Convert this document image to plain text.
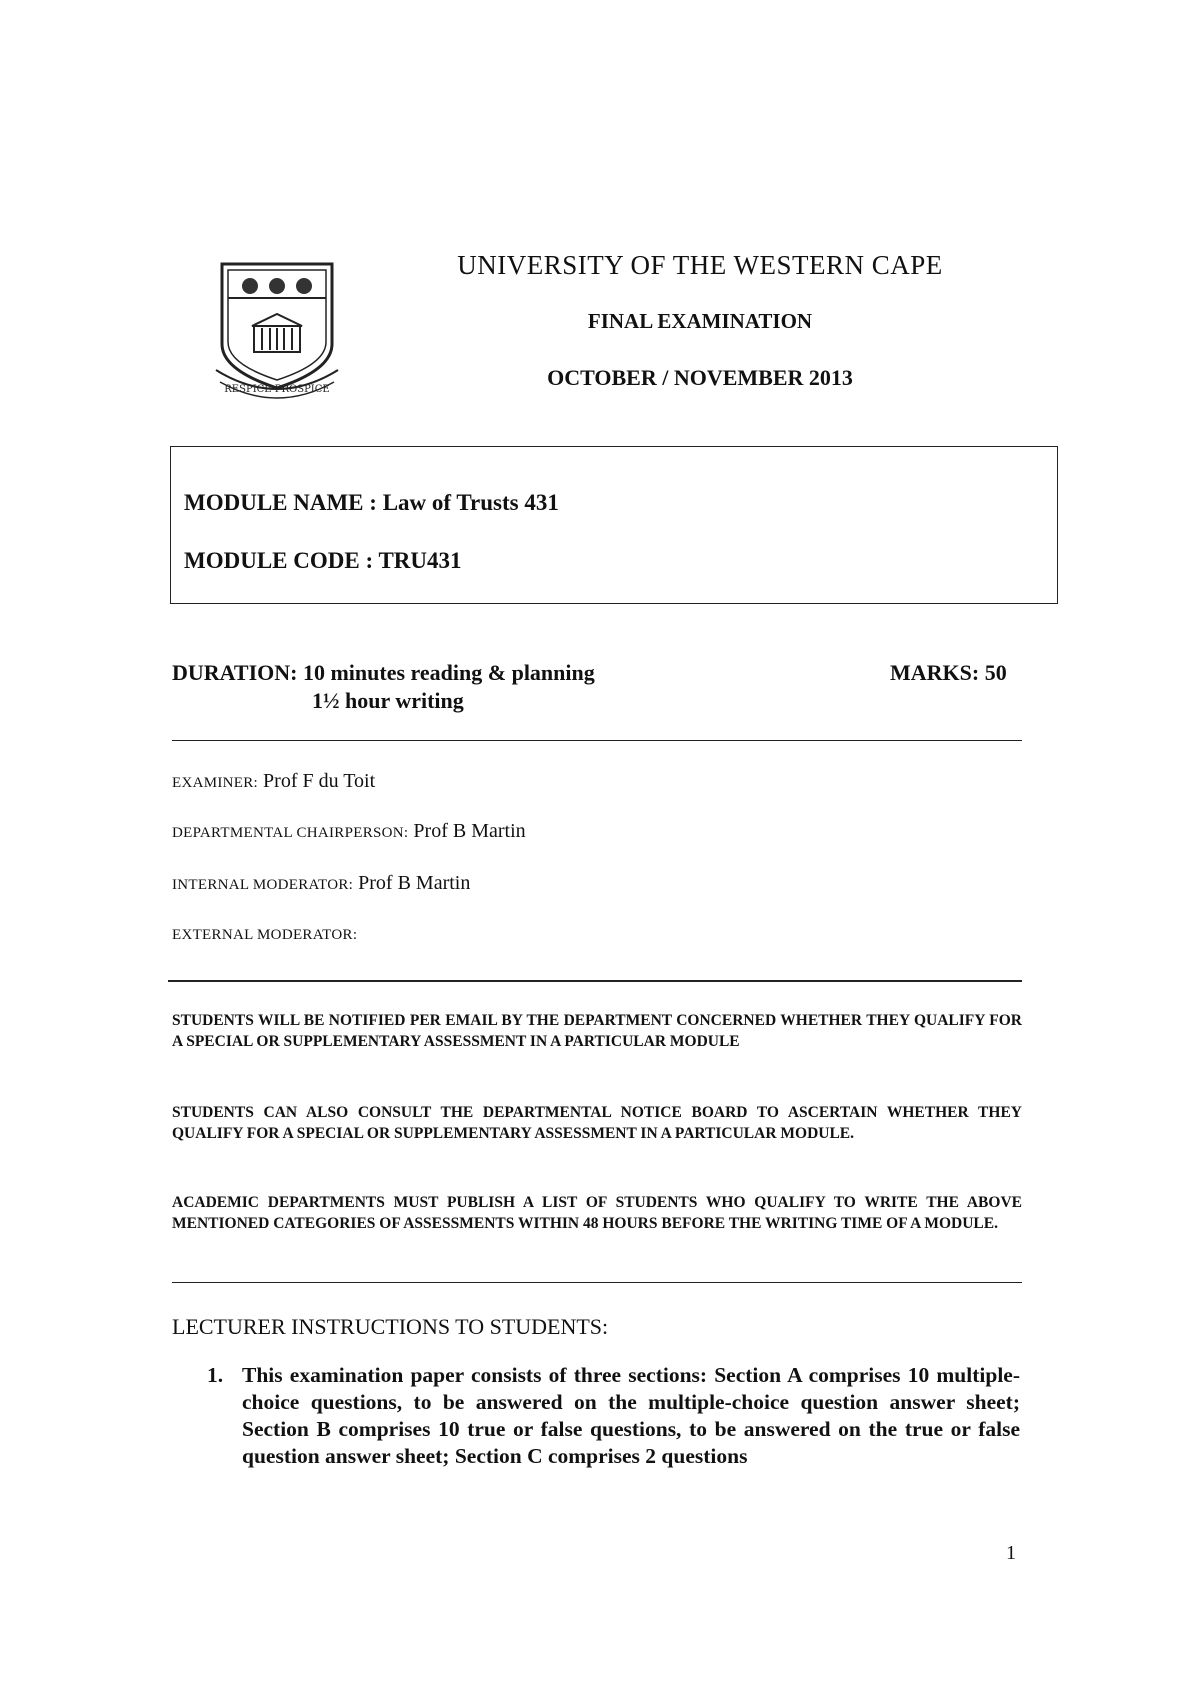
RESPICE PROSPICE
UNIVERSITY OF THE WESTERN CAPE
FINAL EXAMINATION
OCTOBER / NOVEMBER 2013
MODULE NAME : Law of Trusts 431
MODULE CODE : TRU431
DURATION: 10 minutes reading & planning
1½ hour writing
MARKS: 50
EXAMINER: Prof F du Toit
DEPARTMENTAL CHAIRPERSON: Prof B Martin
INTERNAL MODERATOR: Prof B Martin
EXTERNAL MODERATOR:
STUDENTS WILL BE NOTIFIED PER EMAIL BY THE DEPARTMENT CONCERNED WHETHER THEY QUALIFY FOR A SPECIAL OR SUPPLEMENTARY ASSESSMENT IN A PARTICULAR MODULE
STUDENTS CAN ALSO CONSULT THE DEPARTMENTAL NOTICE BOARD TO ASCERTAIN WHETHER THEY QUALIFY FOR A SPECIAL OR SUPPLEMENTARY ASSESSMENT IN A PARTICULAR MODULE.
ACADEMIC DEPARTMENTS MUST PUBLISH A LIST OF STUDENTS WHO QUALIFY TO WRITE THE ABOVE MENTIONED CATEGORIES OF ASSESSMENTS WITHIN 48 HOURS BEFORE THE WRITING TIME OF A MODULE.
LECTURER INSTRUCTIONS TO STUDENTS:
1. This examination paper consists of three sections: Section A comprises 10 multiple-choice questions, to be answered on the multiple-choice question answer sheet; Section B comprises 10 true or false questions, to be answered on the true or false question answer sheet; Section C comprises 2 questions
1
